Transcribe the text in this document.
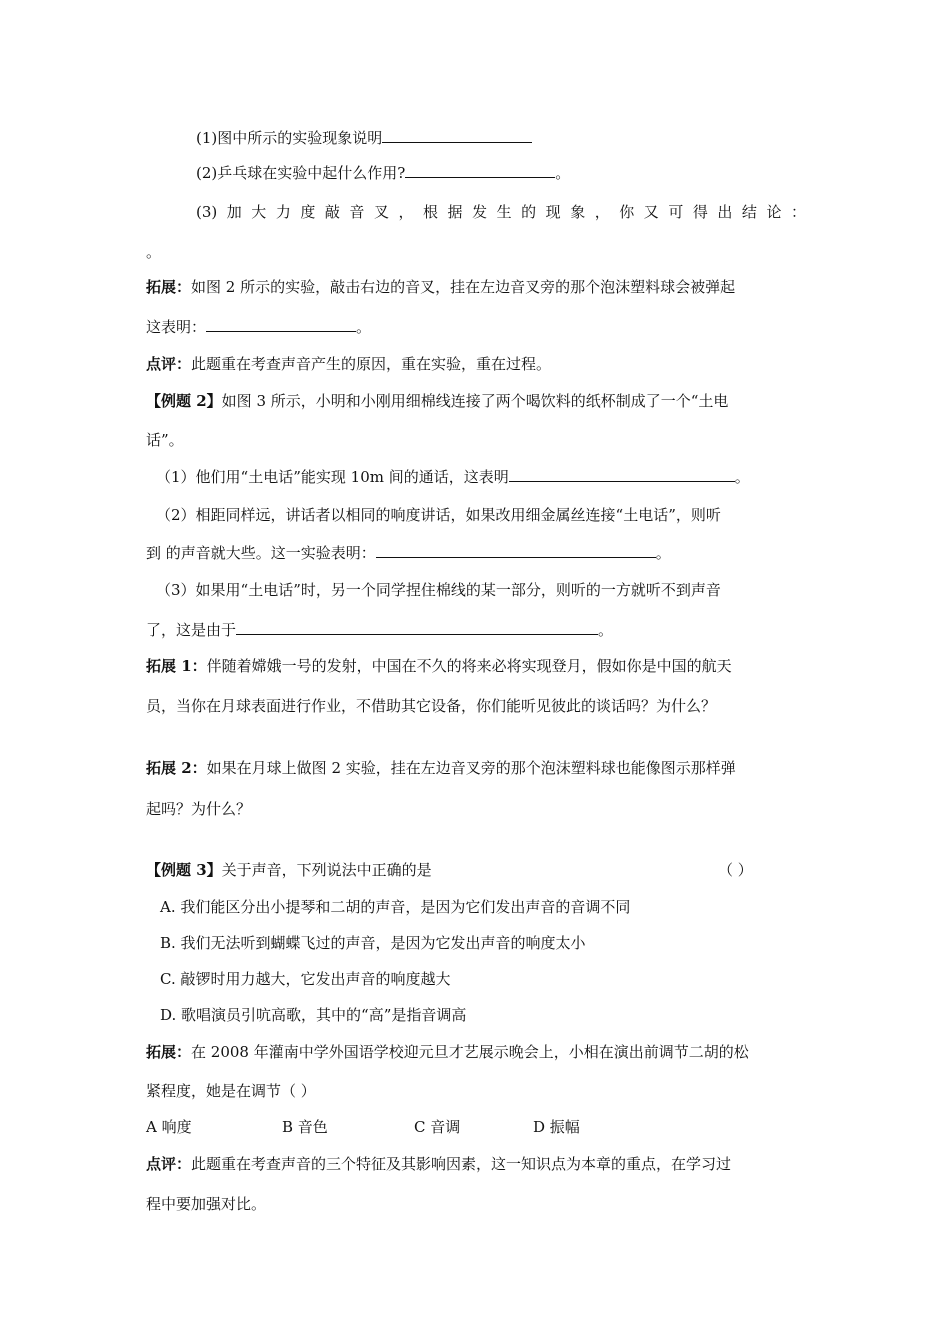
(1)图中所示的实验现象说明
(2)乒乓球在实验中起什么作用?	。
(3) 加 大 力 度 敲 音 叉 ， 根 据 发 生 的 现 象 ， 你 又 可 得 出 结 论 ：
。
拓展：如图 2 所示的实验，敲击右边的音叉，挂在左边音叉旁的那个泡沫塑料球会被弹起
这表明：	。
点评：此题重在考查声音产生的原因，重在实验，重在过程。
【例题 2】如图 3 所示，小明和小刚用细棉线连接了两个喝饮料的纸杯制成了一个“土电
话”。
（1）他们用“土电话”能实现 10m 间的通话，这表明	。
（2）相距同样远，讲话者以相同的响度讲话，如果改用细金属丝连接“土电话”，则听
到 的声音就大些。这一实验表明：	。
（3）如果用“土电话”时，另一个同学捏住棉线的某一部分，则听的一方就听不到声音
了，这是由于	。
拓展 1：伴随着嫦娥一号的发射，中国在不久的将来必将实现登月，假如你是中国的航天
员，当你在月球表面进行作业，不借助其它设备，你们能听见彼此的谈话吗？为什么？
拓展 2：如果在月球上做图 2 实验，挂在左边音叉旁的那个泡沫塑料球也能像图示那样弹
起吗？为什么？
【例题 3】关于声音，下列说法中正确的是	（ ）
A. 我们能区分出小提琴和二胡的声音，是因为它们发出声音的音调不同
B. 我们无法听到蝴蝶飞过的声音，是因为它发出声音的响度太小
C. 敲锣时用力越大，它发出声音的响度越大
D. 歌唱演员引吭高歌，其中的“高”是指音调高
拓展：在 2008 年灌南中学外国语学校迎元旦才艺展示晚会上，小相在演出前调节二胡的松
紧程度，她是在调节（ ）
A 响度	B 音色	C 音调	D 振幅
点评：此题重在考查声音的三个特征及其影响因素，这一知识点为本章的重点，在学习过
程中要加强对比。
